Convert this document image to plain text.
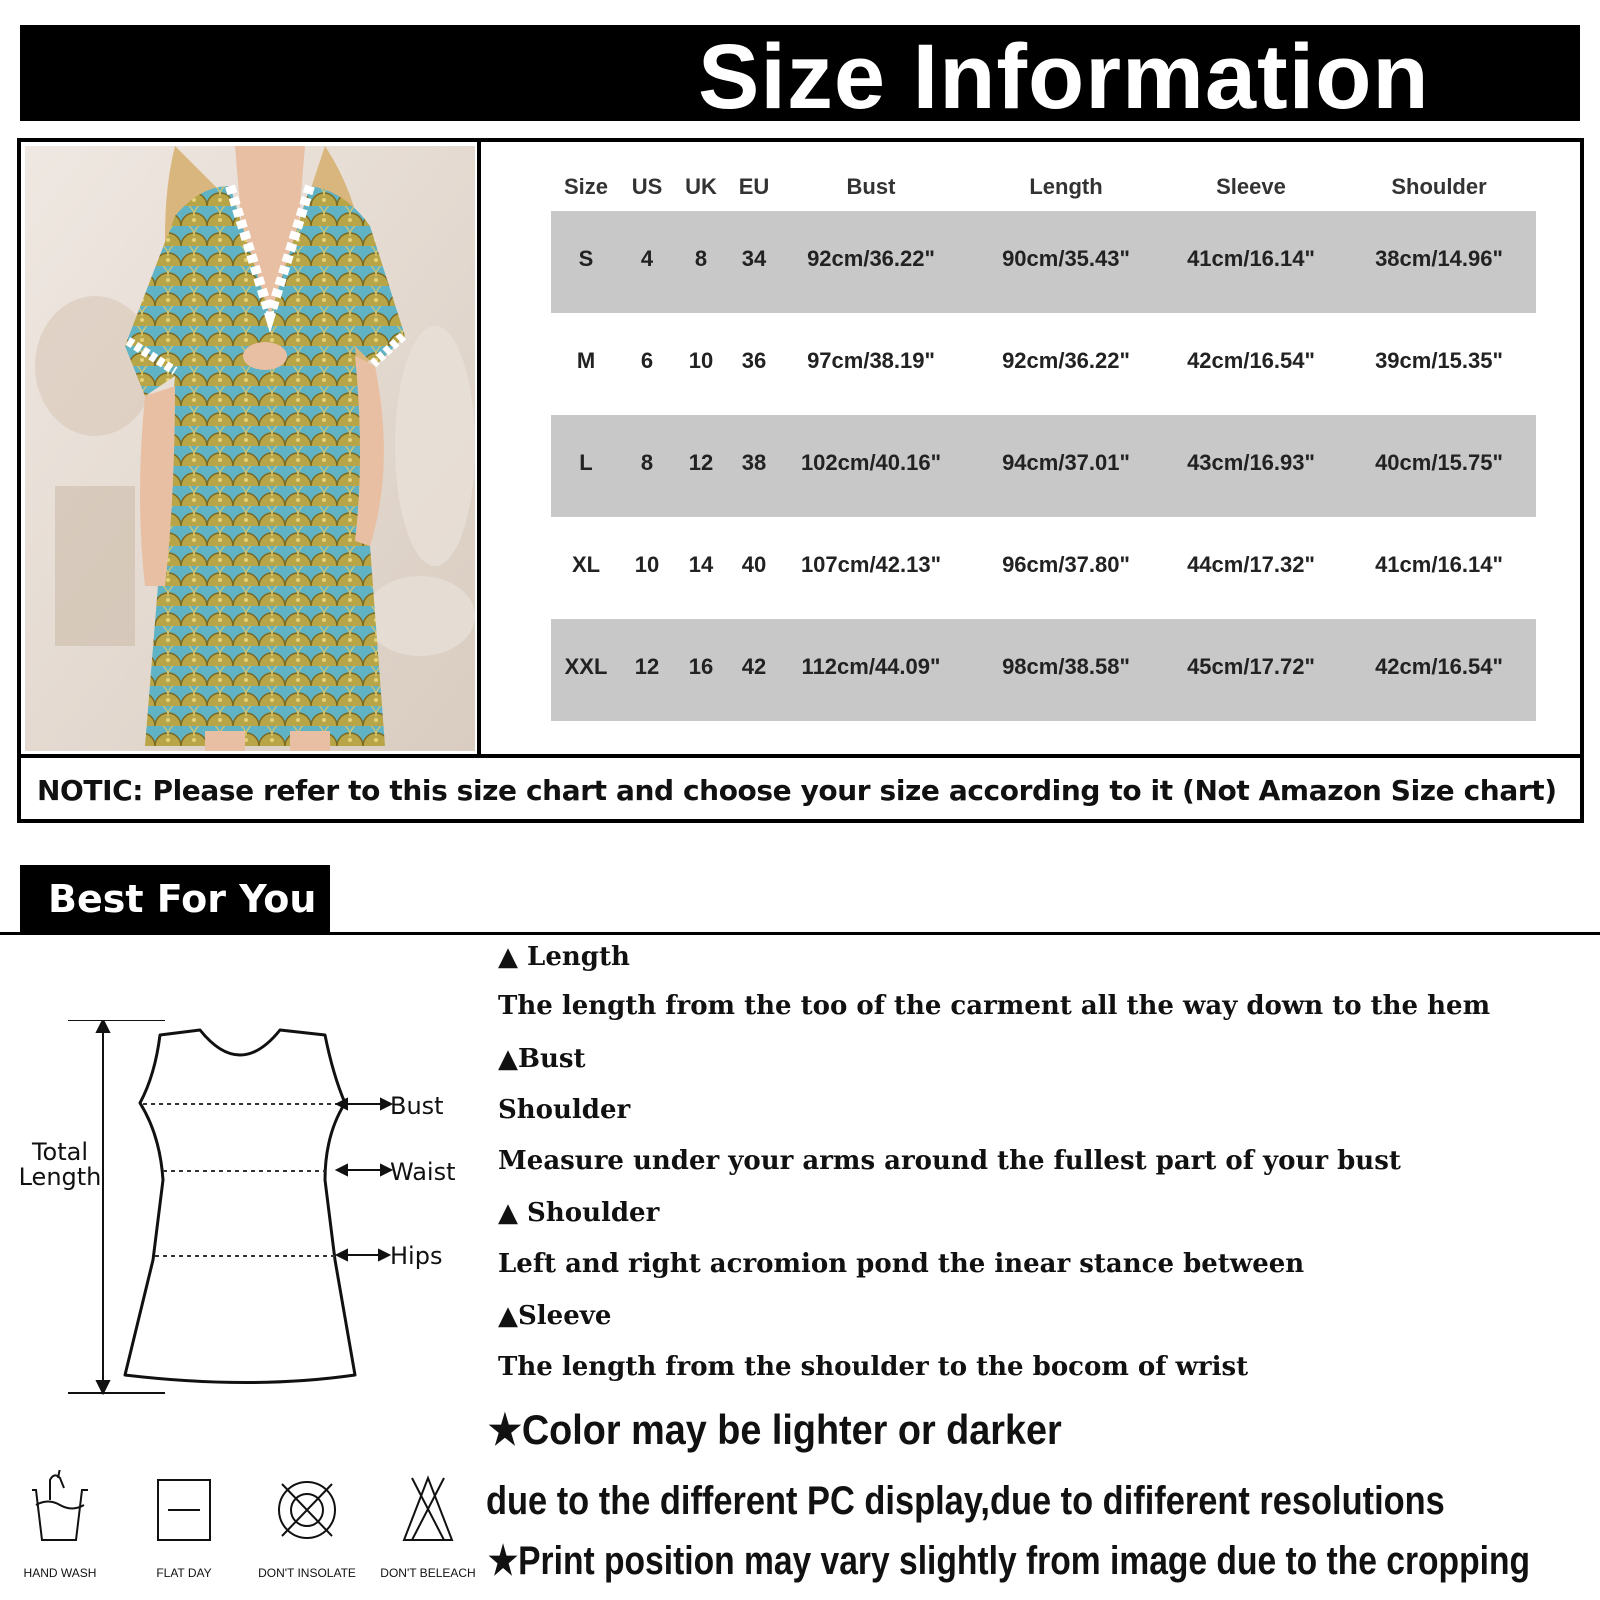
Size Information
Size	US	UK EU	Bust	Length	Sleeve	Shoulder
S	4	8	34	92cm/36.22"	90cm/35.43"	41cm/16.14"	38cm/14.96"
M	6	10	36	97cm/38.19"	92cm/36.22"	42cm/16.54"	39cm/15.35"
L	8	12	38	102cm/40.16"	94cm/37.01"	43cm/16.93"	40cm/15.75"
XL	10	14	40	107cm/42.13"	96cm/37.80"	44cm/17.32"	41cm/16.14"
XXL	12	16	42	112cm/44.09"	98cm/38.58"	45cm/17.72"	42cm/16.54"
NOTIC: Please refer to this size chart and choose your size according to it (Not Amazon Size chart)
Best For You
Total
Length
Bust
Waist
Hips
HAND WASH	FLAT DAY	DON'T INSOLATE DON'T BELEACH
▲ Length
The length from the too of the carment all the way down to the hem
▲Bust
Shoulder
Measure under your arms around the fullest part of your bust
▲ Shoulder
Left and right acromion pond the inear stance between
▲Sleeve
The length from the shoulder to the bocom of wrist
★Color may be lighter or darker
due to the different PC display,due to dififerent resolutions
★Print position may vary slightly from image due to the cropping
